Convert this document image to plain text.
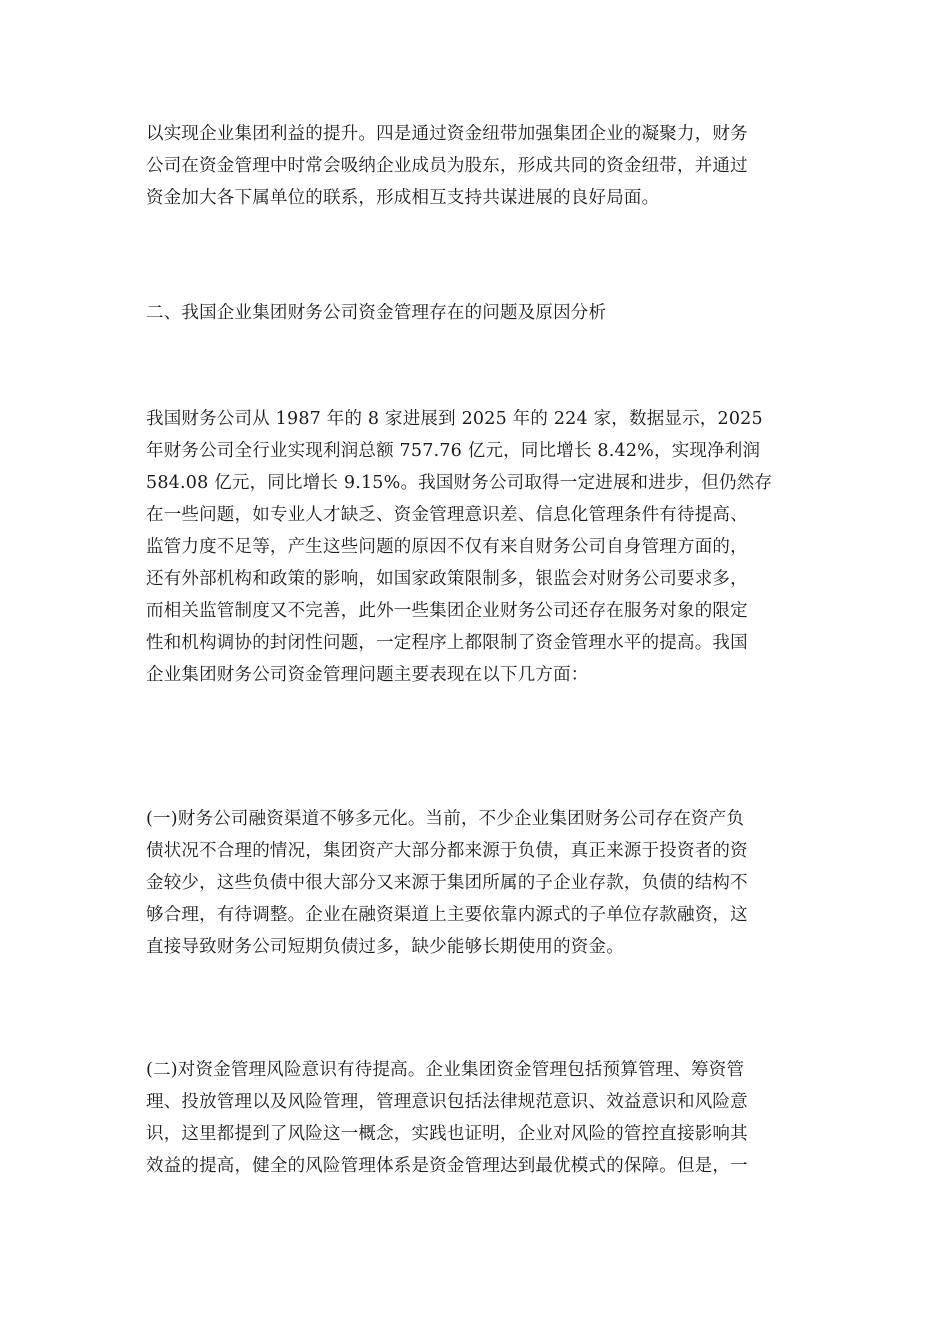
以实现企业集团利益的提升。四是通过资金纽带加强集团企业的凝聚力，财务
公司在资金管理中时常会吸纳企业成员为股东，形成共同的资金纽带，并通过
资金加大各下属单位的联系，形成相互支持共谋进展的良好局面。
二、我国企业集团财务公司资金管理存在的问题及原因分析
我国财务公司从 1987 年的 8 家进展到 2025 年的 224 家，数据显示，2025
年财务公司全行业实现利润总额 757.76 亿元，同比增长 8.42%，实现净利润
584.08 亿元，同比增长 9.15%。我国财务公司取得一定进展和进步，但仍然存
在一些问题，如专业人才缺乏、资金管理意识差、信息化管理条件有待提高、
监管力度不足等，产生这些问题的原因不仅有来自财务公司自身管理方面的，
还有外部机构和政策的影响，如国家政策限制多，银监会对财务公司要求多，
而相关监管制度又不完善，此外一些集团企业财务公司还存在服务对象的限定
性和机构调协的封闭性问题，一定程序上都限制了资金管理水平的提高。我国
企业集团财务公司资金管理问题主要表现在以下几方面：
(一)财务公司融资渠道不够多元化。当前，不少企业集团财务公司存在资产负
债状况不合理的情况，集团资产大部分都来源于负债，真正来源于投资者的资
金较少，这些负债中很大部分又来源于集团所属的子企业存款，负债的结构不
够合理，有待调整。企业在融资渠道上主要依靠内源式的子单位存款融资，这
直接导致财务公司短期负债过多，缺少能够长期使用的资金。
(二)对资金管理风险意识有待提高。企业集团资金管理包括预算管理、筹资管
理、投放管理以及风险管理，管理意识包括法律规范意识、效益意识和风险意
识，这里都提到了风险这一概念，实践也证明，企业对风险的管控直接影响其
效益的提高，健全的风险管理体系是资金管理达到最优模式的保障。但是，一
